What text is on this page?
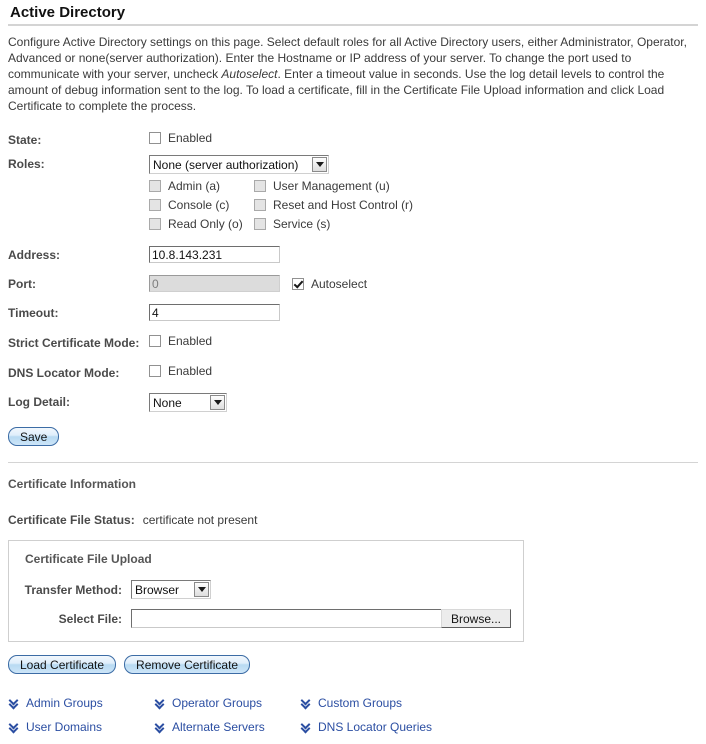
Active Directory
Configure Active Directory settings on this page. Select default roles for all Active Directory users, either Administrator, Operator, Advanced or none(server authorization). Enter the Hostname or IP address of your server. To change the port used to communicate with your server, uncheck Autoselect. Enter a timeout value in seconds. Use the log detail levels to control the amount of debug information sent to the log. To load a certificate, fill in the Certificate File Upload information and click Load Certificate to complete the process.
State:	Enabled
Roles:	None (server authorization)
Admin (a)	User Management (u)
Console (c)	Reset and Host Control (r)
Read Only (o)	Service (s)
Address:
10.8.143.231
Port:
0	Autoselect
Timeout:
4
Strict Certificate Mode:	Enabled
DNS Locator Mode:	Enabled
Log Detail:	None
Save
Certificate Information
Certificate File Status: certificate not present
Certificate File Upload
Transfer Method:	Browser
Select File:	Browse...
Load Certificate	Remove Certificate
Admin Groups	Operator Groups	Custom Groups
User Domains	Alternate Servers	DNS Locator Queries
